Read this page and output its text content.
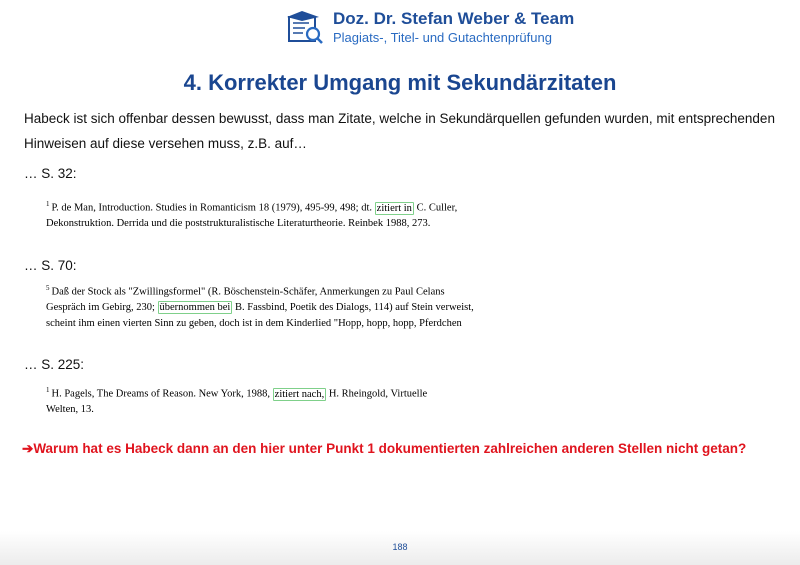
Doz. Dr. Stefan Weber & Team
Plagiats-, Titel- und Gutachtenprüfung
4. Korrekter Umgang mit Sekundärzitaten
Habeck ist sich offenbar dessen bewusst, dass man Zitate, welche in Sekundärquellen gefunden wurden, mit entsprechenden Hinweisen auf diese versehen muss, z.B. auf…
… S. 32:
$^1$ P. de Man, Introduction. Studies in Romanticism 18 (1979), 495-99, 498; dt. zitiert in C. Culler,
Dekonstruktion. Derrida und die poststrukturalistische Literaturtheorie. Reinbek 1988, 273.
… S. 70:
$^5$ Daß der Stock als "Zwillingsformel" (R. Böschenstein-Schäfer, Anmerkungen zu Paul Celans
Gespräch im Gebirg, 230; übernommen bei B. Fassbind, Poetik des Dialogs, 114) auf Stein verweist,
scheint ihm einen vierten Sinn zu geben, doch ist in dem Kinderlied "Hopp, hopp, hopp, Pferdchen
… S. 225:
$^1$ H. Pagels, The Dreams of Reason. New York, 1988, zitiert nach, H. Rheingold, Virtuelle
Welten, 13.
➔Warum hat es Habeck dann an den hier unter Punkt 1 dokumentierten zahlreichen anderen Stellen nicht getan?
188
